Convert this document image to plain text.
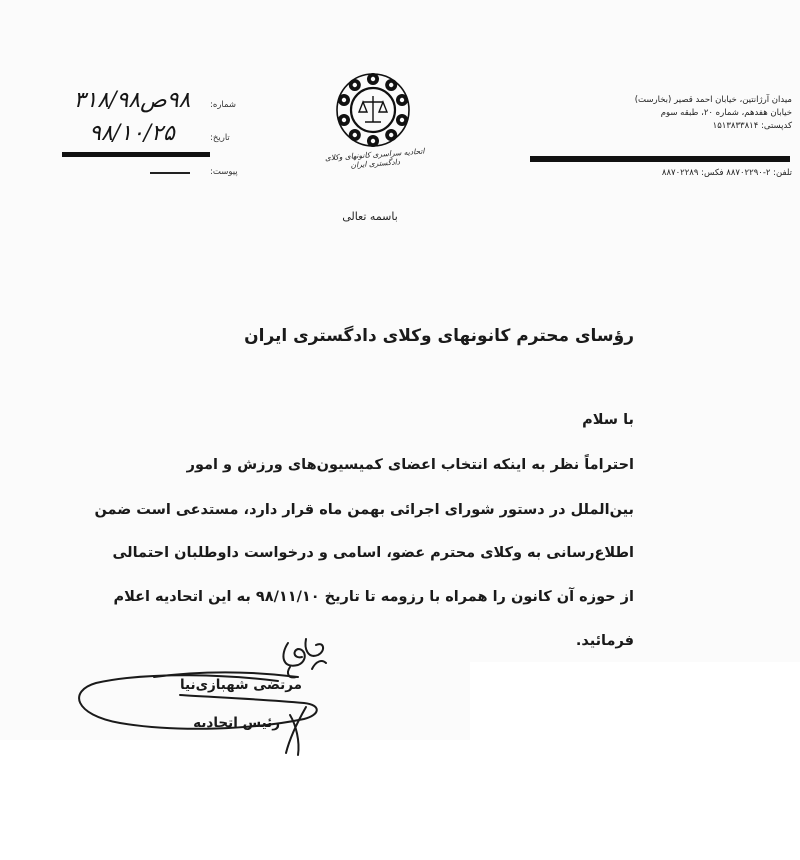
میدان آرژانتین، خیابان احمد قصیر (بخارست)
خیابان هفدهم، شماره ۲۰، طبقه سوم
کدپستی: ۱۵۱۳۸۳۳۸۱۴
تلفن: ۲-۸۸۷۰۲۲۹۰ فکس: ۸۸۷۰۲۲۸۹
اتحادیه سراسری کانونهای وکلای دادگستری ایران
باسمه تعالی
شماره:
۹۸ص۳۱۸/۹۸
تاریخ:
۹۸/۱۰/۲۵
پیوست:
رؤسای محترم کانونهای وکلای دادگستری ایران
با سلام
احتراماً نظر به اینکه انتخاب اعضای کمیسیون‌های ورزش و امور
بین‌الملل در دستور شورای اجرائی بهمن ماه قرار دارد، مستدعی است ضمن
اطلاع‌رسانی به وکلای محترم عضو، اسامی و درخواست داوطلبان احتمالی
از حوزه آن کانون را همراه با رزومه تا تاریخ ۹۸/۱۱/۱۰ به این اتحادیه اعلام
فرمائید.
مرتضی شهبازی‌نیا
رئیس اتحادیه
